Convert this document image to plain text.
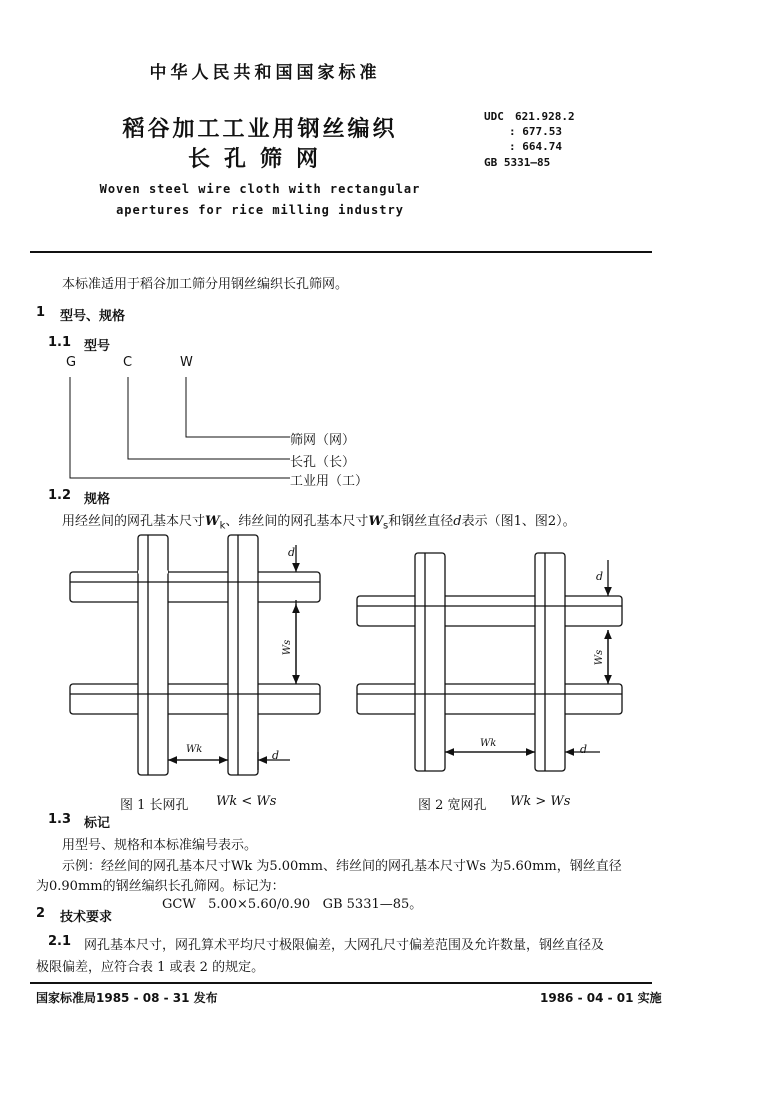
中华人民共和国国家标准
稻谷加工工业用钢丝编织
长孔筛网
Woven steel wire cloth with rectangular
apertures for rice milling industry
UDC 621.928.2
: 677.53
: 664.74
GB 5331—85
本标准适用于稻谷加工筛分用钢丝编织长孔筛网。
1 型号、规格
1.1 型号
G	C	W
筛网（网）
长孔（长）
工业用（工）
1.2 规格
用经丝间的网孔基本尺寸$W_k$、纬丝间的网孔基本尺寸$W_s$和钢丝直径d表示（图1、图2）。
d
Ws
Wk	d
d
Ws
Wk	d
图 1 长网孔 Wk < Ws	图 2 宽网孔 Wk > Ws
1.3 标记
用型号、规格和本标准编号表示。
示例：经丝间的网孔基本尺寸Wk 为5.00mm、纬丝间的网孔基本尺寸Ws 为5.60mm，钢丝直径
为0.90mm的钢丝编织长孔筛网。标记为：
GCW   5.00×5.60/0.90   GB 5331—85。
2 技术要求
2.1 网孔基本尺寸，网孔算术平均尺寸极限偏差，大网孔尺寸偏差范围及允许数量，钢丝直径及
极限偏差，应符合表 1 或表 2 的规定。
国家标准局1985 - 08 - 31 发布	1986 - 04 - 01 实施
